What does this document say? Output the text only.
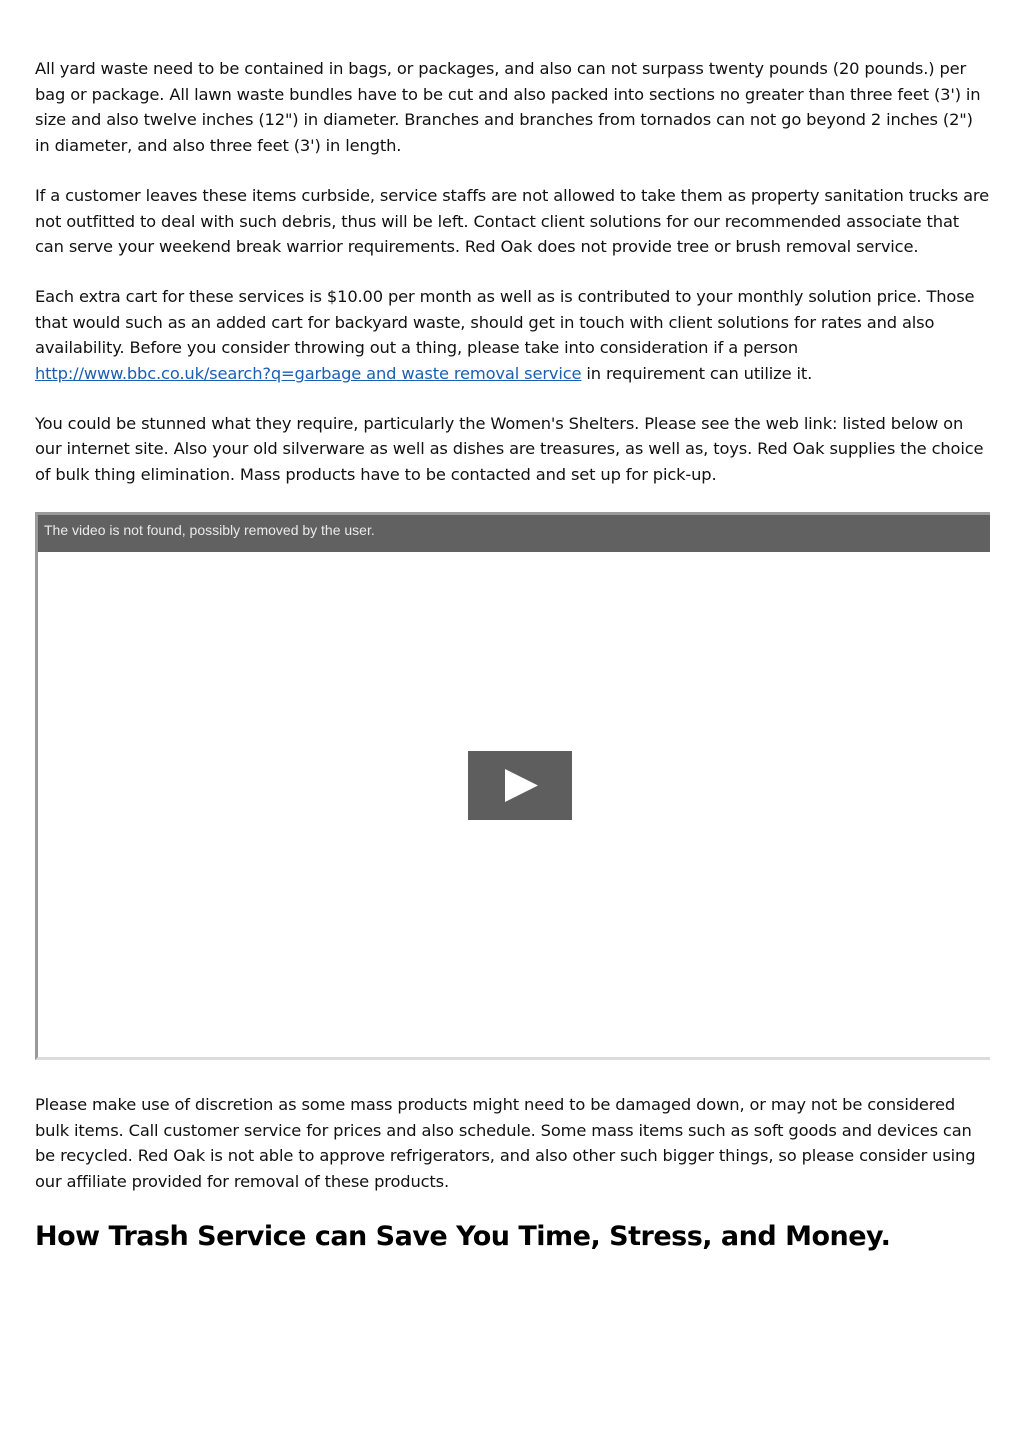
All yard waste need to be contained in bags, or packages, and also can not surpass twenty pounds (20 pounds.) per bag or package. All lawn waste bundles have to be cut and also packed into sections no greater than three feet (3') in size and also twelve inches (12") in diameter. Branches and branches from tornados can not go beyond 2 inches (2") in diameter, and also three feet (3') in length.

If a customer leaves these items curbside, service staffs are not allowed to take them as property sanitation trucks are not outfitted to deal with such debris, thus will be left. Contact client solutions for our recommended associate that can serve your weekend break warrior requirements. Red Oak does not provide tree or brush removal service.

Each extra cart for these services is $10.00 per month as well as is contributed to your monthly solution price. Those that would such as an added cart for backyard waste, should get in touch with client solutions for rates and also availability. Before you consider throwing out a thing, please take into consideration if a person http://www.bbc.co.uk/search?q=garbage and waste removal service in requirement can utilize it.

You could be stunned what they require, particularly the Women's Shelters. Please see the web link: listed below on our internet site. Also your old silverware as well as dishes are treasures, as well as, toys. Red Oak supplies the choice of bulk thing elimination. Mass products have to be contacted and set up for pick-up.

The video is not found, possibly removed by the user.

Please make use of discretion as some mass products might need to be damaged down, or may not be considered bulk items. Call customer service for prices and also schedule. Some mass items such as soft goods and devices can be recycled. Red Oak is not able to approve refrigerators, and also other such bigger things, so please consider using our affiliate provided for removal of these products.

How Trash Service can Save You Time, Stress, and Money.
